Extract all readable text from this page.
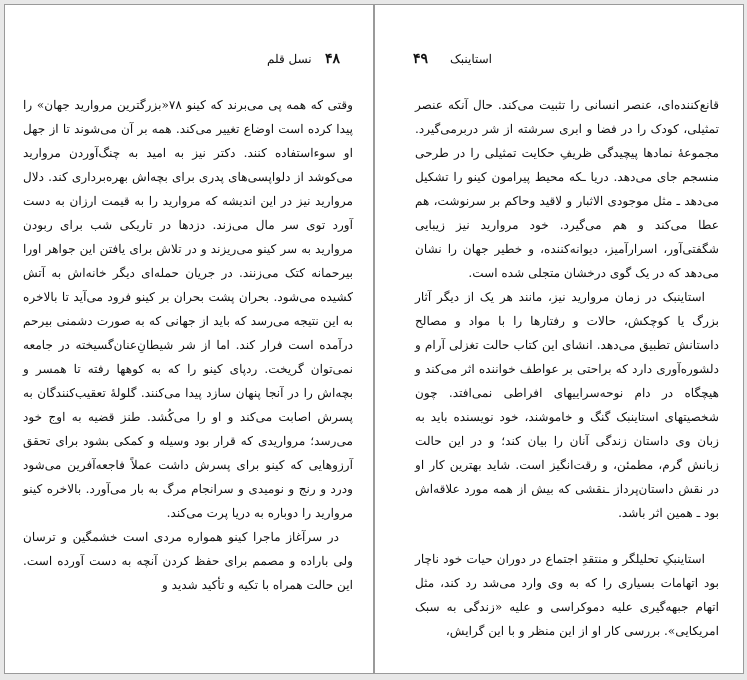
۴۸
نسل قلم

وقتی که همه پی می‌برند که کینو ۷۸«بزرگترین مروارید جهان» را پیدا کرده است اوضاع تغییر می‌کند. همه بر آن می‌شوند تا از جهل او سوءاستفاده کنند. دکتر نیز به امید به چنگ‌آوردن مروارید می‌کوشد از دلواپسی‌های پدری برای بچه‌اش بهره‌برداری کند. دلال مروارید نیز در این اندیشه که مروارید را به قیمت ارزان به دست آورد توی سر مال می‌زند. دزدها در تاریکی شب برای ربودن مروارید به سر کینو می‌ریزند و در تلاش برای یافتن این جواهر اورا بیرحمانه کتک می‌زنند. در جریان حمله‌ای دیگر خانه‌اش به آتش کشیده می‌شود. بحران پشت بحران بر کینو فرود می‌آید تا بالاخره به این نتیجه می‌رسد که باید از جهانی که به صورت دشمنی بیرحم درآمده است فرار کند. اما از شر شیطانِ‌عنان‌گسیخته در جامعه نمی‌توان گریخت. ردپای کینو را که به کوهها رفته تا همسر و بچه‌اش را در آنجا پنهان سازد پیدا می‌کنند. گلوله‌ٔ تعقیب‌کنندگان به پسرش اصابت می‌کند و او را می‌کُشد. طنز قضیه به اوج خود می‌رسد؛ مرواریدی که قرار بود وسیله و کمکی بشود برای تحقق آرزوهایی که کینو برای پسرش داشت عملاً فاجعه‌آفرین می‌شود ودرد و رنج و نومیدی و سرانجام مرگ به بار می‌آورد. بالاخره کینو مروارید را دوباره به دریا پرت می‌کند.

در سرآغاز ماجرا کینو همواره مردی است خشمگین و ترسان ولی باراده و مصمم برای حفظ کردن آنچه به دست آورده است. این حالت همراه با تکیه و تأکید شدید و

۴۹ استاینبک

قانع‌کننده‌ای، عنصر انسانی را تثبیت می‌کند. حال آنکه عنصر تمثیلی، کودک را در فضا و ابری سرشته از شر دربرمی‌گیرد. مجموعهٔ نمادها پیچیدگی ظریفِ حکایت تمثیلی را در طرحی منسجم جای می‌دهد. دریا ـکه محیط پیرامون کینو را تشکیل می‌دهد ـ مثل موجودی الاثبار و لاقید وحاکم بر سرنوشت، هم عطا می‌کند و هم می‌گیرد. خود مروارید نیز زیبایی شگفتی‌آور، اسرارآمیز، دیوانه‌کننده، و خطیر جهان را نشان می‌دهد که در یک گوی درخشان متجلی شده است.

استاینبک در زمان مروارید نیز، مانند هر یک از دیگر آثار بزرگ یا کوچکش، حالات و رفتارها را با مواد و مصالح داستانش تطبیق می‌دهد. انشای این کتاب حالت تغزلی آرام و دلشوره‌آوری دارد که براحتی بر عواطف خواننده اثر می‌کند و هیچگاه در دام نوحه‌سراییهای افراطی نمی‌افتد. چون شخصیتهای استاینبک گنگ و خاموشند، خود نویسنده باید به زبان وی داستان زندگی آنان را بیان کند؛ و در این حالت زبانش گرم، مطمئن، و رقت‌انگیز است. شاید بهترین کار او در نقش داستان‌پرداز ـنقشی که بیش از همه مورد علاقه‌اش بود ـ همین اثر باشد.

استاینبکِ تحلیلگر و منتقدِ اجتماع در دوران حیات خود ناچار بود اتهامات بسیاری را که به وی وارد می‌شد رد کند، مثل اتهام جبهه‌گیری علیه دموکراسی و علیه «زندگی به سبک امریکایی». بررسی کار او از این منظر و با این گرایش،
